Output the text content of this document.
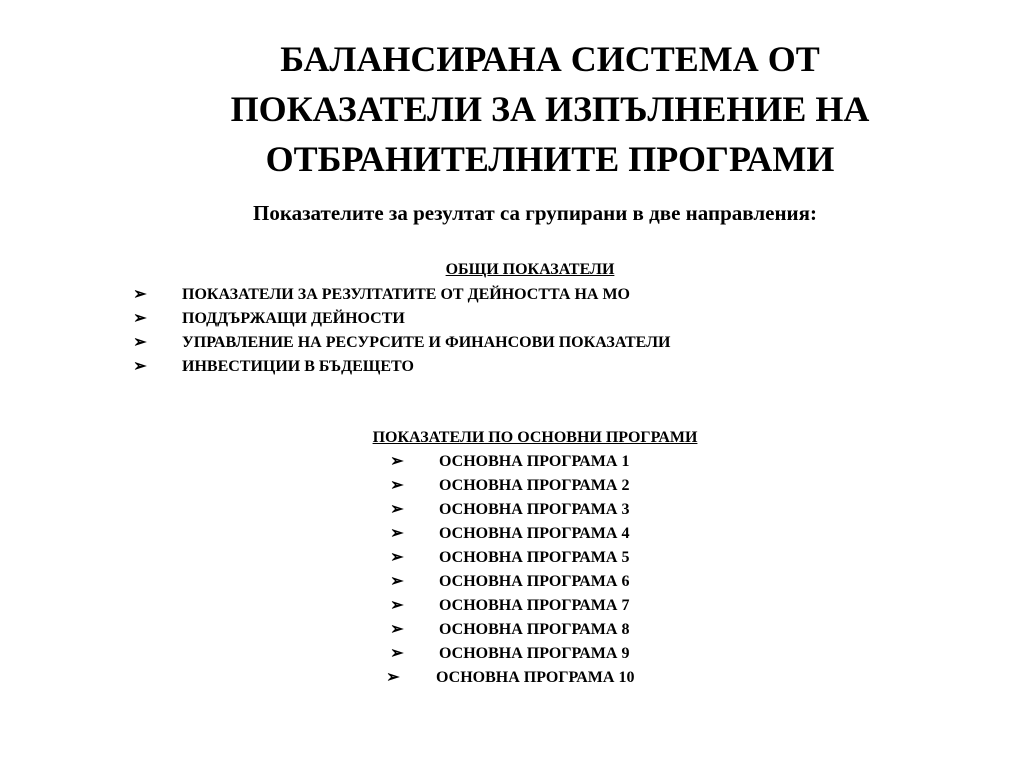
БАЛАНСИРАНА СИСТЕМА ОТ
ПОКАЗАТЕЛИ ЗА ИЗПЪЛНЕНИЕ НА
ОТБРАНИТЕЛНИТЕ ПРОГРАМИ
Показателите за резултат са групирани в две направления:
ОБЩИ ПОКАЗАТЕЛИ
➢ ПОКАЗАТЕЛИ ЗА РЕЗУЛТАТИТЕ ОТ ДЕЙНОСТТА НА МО
➢ ПОДДЪРЖАЩИ ДЕЙНОСТИ
➢ УПРАВЛЕНИЕ НА РЕСУРСИТЕ И ФИНАНСОВИ ПОКАЗАТЕЛИ
➢ ИНВЕСТИЦИИ В БЪДЕЩЕТО
ПОКАЗАТЕЛИ ПО ОСНОВНИ ПРОГРАМИ
➢ ОСНОВНА ПРОГРАМА 1
➢ ОСНОВНА ПРОГРАМА 2
➢ ОСНОВНА ПРОГРАМА 3
➢ ОСНОВНА ПРОГРАМА 4
➢ ОСНОВНА ПРОГРАМА 5
➢ ОСНОВНА ПРОГРАМА 6
➢ ОСНОВНА ПРОГРАМА 7
➢ ОСНОВНА ПРОГРАМА 8
➢ ОСНОВНА ПРОГРАМА 9
➢ ОСНОВНА ПРОГРАМА 10
